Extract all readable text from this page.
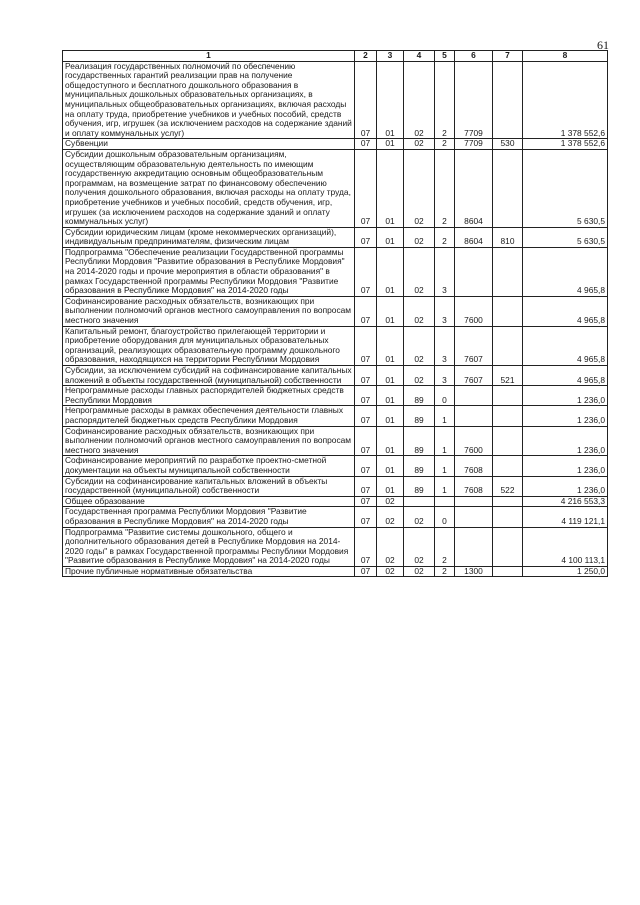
61
1	2	3	4	5	6	7	8
Реализация государственных полномочий по обеспечению государственных гарантий реализации прав на получение общедоступного и бесплатного дошкольного образования в муниципальных дошкольных образовательных организациях, в муниципальных общеобразовательных организациях, включая расходы на оплату труда, приобретение учебников и учебных пособий, средств обучения, игр, игрушек (за исключением расходов на содержание зданий и оплату коммунальных услуг)	07	01	02	2	7709		1 378 552,6
Субвенции	07	01	02	2	7709	530	1 378 552,6
Субсидии дошкольным образовательным организациям, осуществляющим образовательную деятельность по имеющим государственную аккредитацию основным общеобразовательным программам, на возмещение затрат по финансовому обеспечению получения дошкольного образования, включая расходы на оплату труда, приобретение учебников и учебных пособий, средств обучения, игр, игрушек (за исключением расходов на содержание зданий и оплату коммунальных услуг)	07	01	02	2	8604		5 630,5
Субсидии юридическим лицам (кроме некоммерческих организаций), индивидуальным предпринимателям, физическим лицам	07	01	02	2	8604	810	5 630,5
Подпрограмма "Обеспечение реализации Государственной программы Республики Мордовия "Развитие образования в Республике Мордовия" на 2014-2020 годы и прочие мероприятия в области образования" в рамках Государственной программы Республики Мордовия "Развитие образования в Республике Мордовия" на 2014-2020 годы	07	01	02	3			4 965,8
Софинансирование расходных обязательств, возникающих при выполнении полномочий органов местного самоуправления по вопросам местного значения	07	01	02	3	7600		4 965,8
Капитальный ремонт, благоустройство прилегающей территории и приобретение оборудования для муниципальных образовательных организаций, реализующих образовательную программу дошкольного образования, находящихся на территории Республики Мордовия	07	01	02	3	7607		4 965,8
Субсидии, за исключением субсидий на софинансирование капитальных вложений в объекты государственной (муниципальной) собственности	07	01	02	3	7607	521	4 965,8
Непрограммные расходы главных распорядителей бюджетных средств Республики Мордовия	07	01	89	0			1 236,0
Непрограммные расходы в рамках обеспечения деятельности главных распорядителей бюджетных средств Республики Мордовия	07	01	89	1			1 236,0
Софинансирование расходных обязательств, возникающих при выполнении полномочий органов местного самоуправления по вопросам местного значения	07	01	89	1	7600		1 236,0
Софинансирование мероприятий по разработке проектно-сметной документации на объекты муниципальной собственности	07	01	89	1	7608		1 236,0
Субсидии на софинансирование капитальных вложений в объекты государственной (муниципальной) собственности	07	01	89	1	7608	522	1 236,0
Общее образование	07	02					4 216 553,3
Государственная программа Республики Мордовия "Развитие образования в Республике Мордовия" на 2014-2020 годы	07	02	02	0			4 119 121,1
Подпрограмма "Развитие системы дошкольного, общего и дополнительного образования детей в Республике Мордовия на 2014-2020 годы" в рамках Государственной программы Республики Мордовия "Развитие образования в Республике Мордовия" на 2014-2020 годы	07	02	02	2			4 100 113,1
Прочие публичные нормативные обязательства	07	02	02	2	1300		1 250,0
